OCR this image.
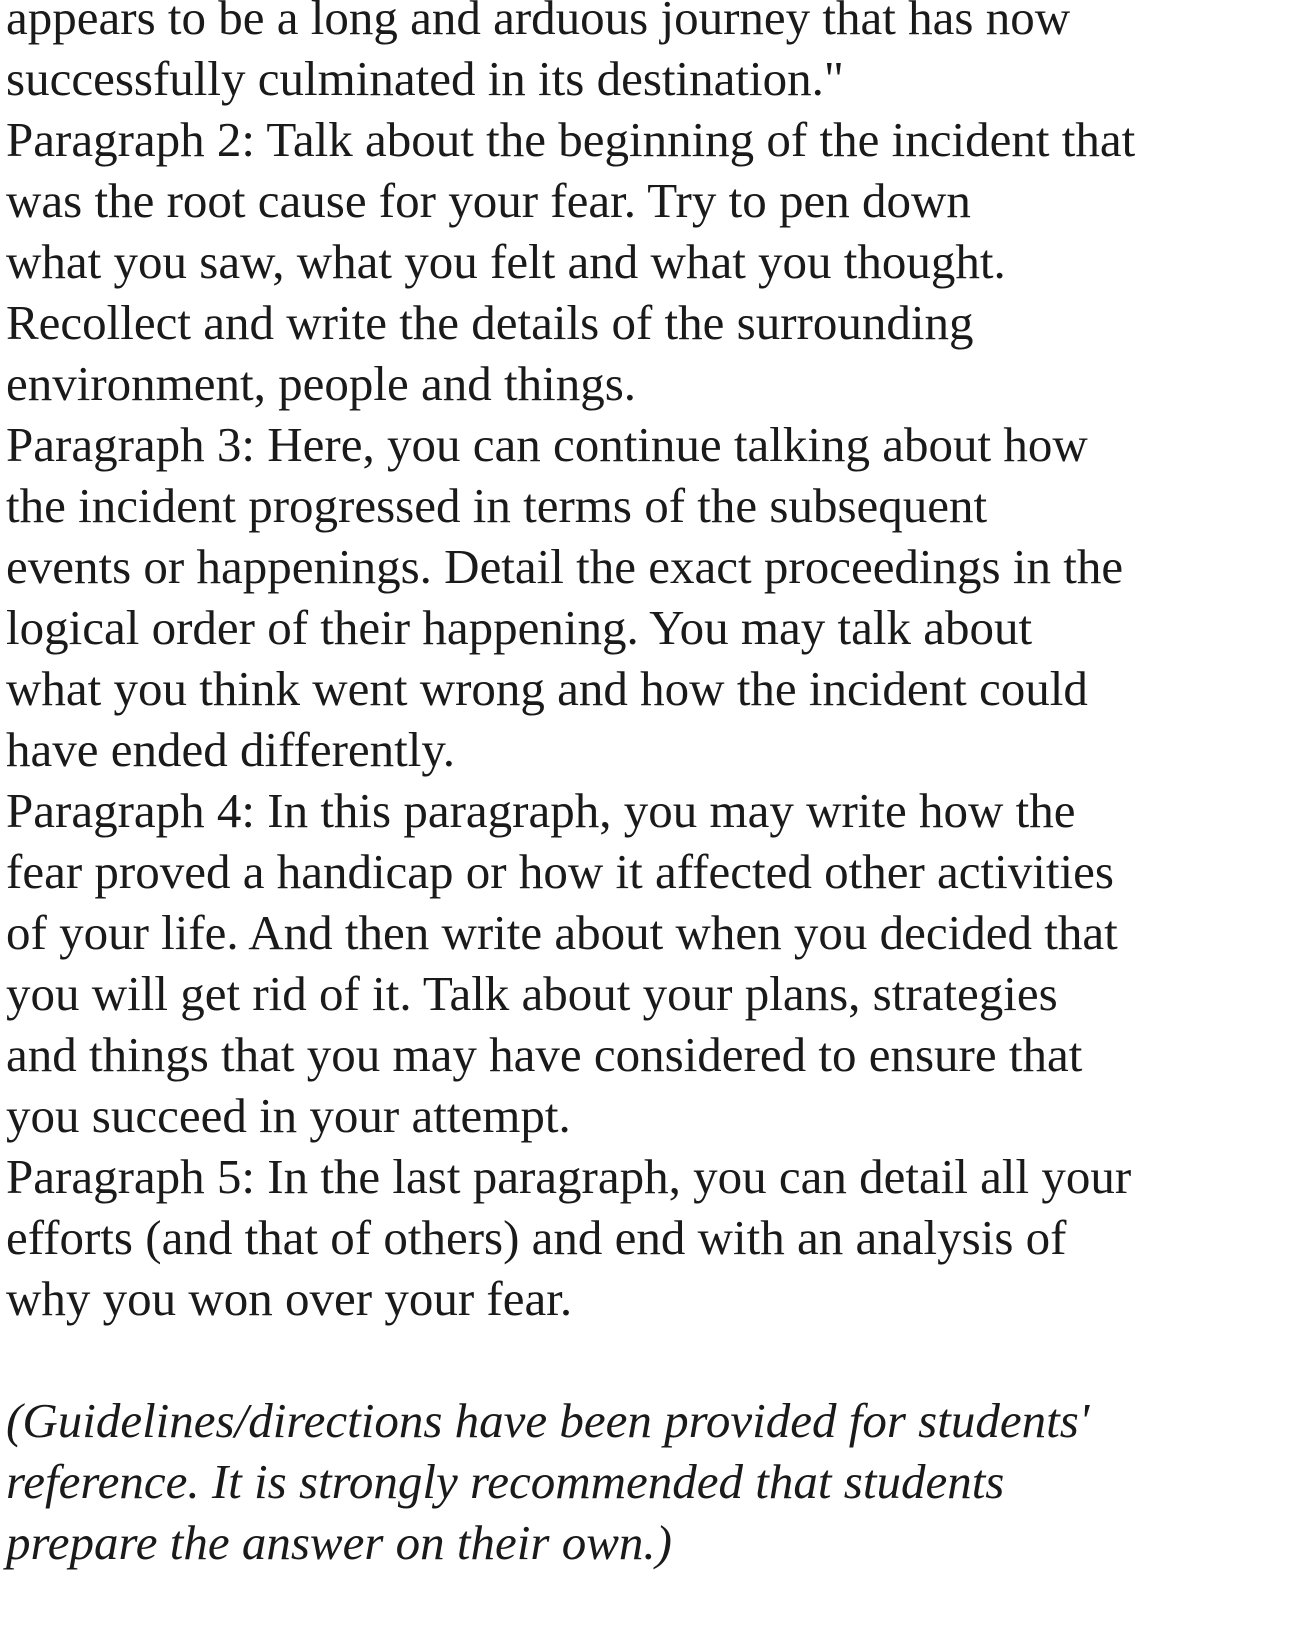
appears to be a long and arduous journey that has now
successfully culminated in its destination."
Paragraph 2: Talk about the beginning of the incident that
was the root cause for your fear. Try to pen down
what you saw, what you felt and what you thought.
Recollect and write the details of the surrounding
environment, people and things.
Paragraph 3: Here, you can continue talking about how
the incident progressed in terms of the subsequent
events or happenings. Detail the exact proceedings in the
logical order of their happening. You may talk about
what you think went wrong and how the incident could
have ended differently.
Paragraph 4: In this paragraph, you may write how the
fear proved a handicap or how it affected other activities
of your life. And then write about when you decided that
you will get rid of it. Talk about your plans, strategies
and things that you may have considered to ensure that
you succeed in your attempt.
Paragraph 5: In the last paragraph, you can detail all your
efforts (and that of others) and end with an analysis of
why you won over your fear.
(Guidelines/directions have been provided for students'
reference. It is strongly recommended that students
prepare the answer on their own.)
